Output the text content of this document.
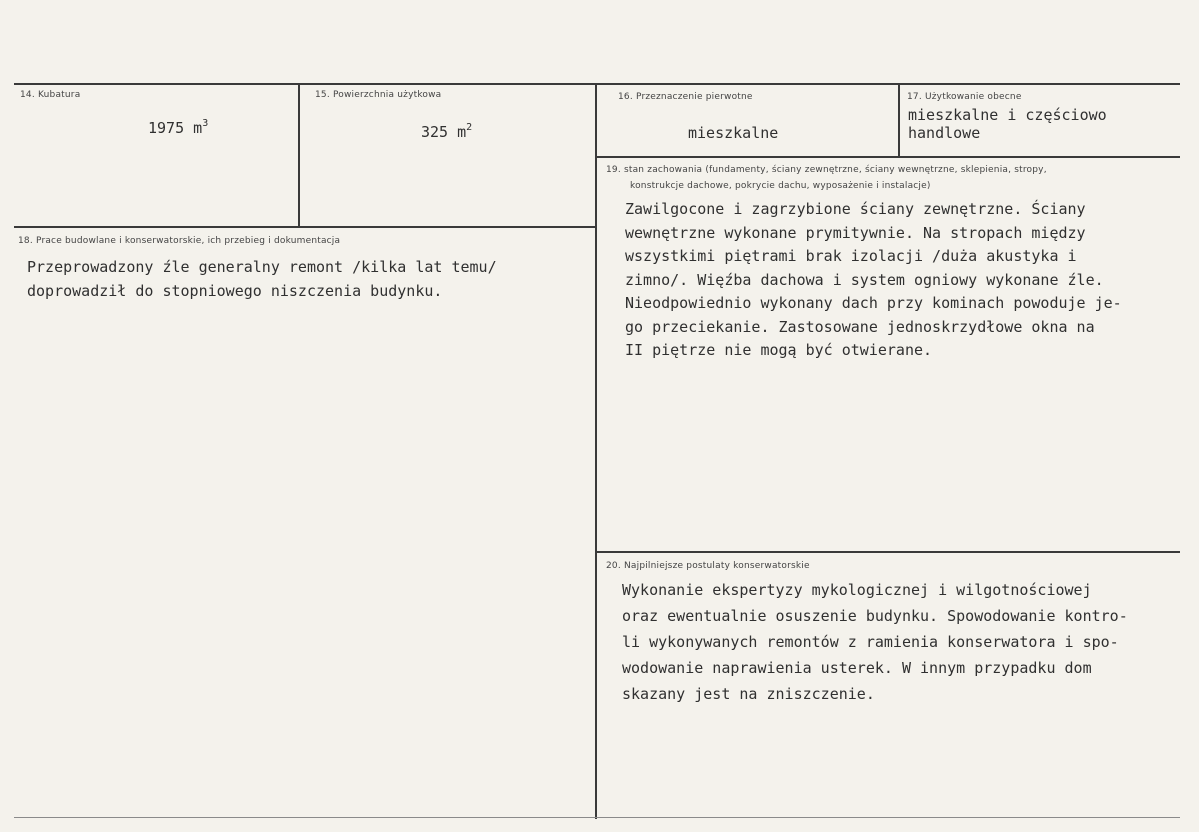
14. Kubatura
1975 $m^3$
15. Powierzchnia użytkowa
325 $m^2$
16. Przeznaczenie pierwotne
mieszkalne
17. Użytkowanie obecne
mieszkalne i częściowo
handlowe
18. Prace budowlane i konserwatorskie, ich przebieg i dokumentacja
Przeprowadzony źle generalny remont /kilka lat temu/
doprowadził do stopniowego niszczenia budynku.
19. stan zachowania (fundamenty, ściany zewnętrzne, ściany wewnętrzne, sklepienia, stropy,
konstrukcje dachowe, pokrycie dachu, wyposażenie i instalacje)
Zawilgocone i zagrzybione ściany zewnętrzne. Ściany
wewnętrzne wykonane prymitywnie. Na stropach między
wszystkimi piętrami brak izolacji /duża akustyka i
zimno/. Więźba dachowa i system ogniowy wykonane źle.
Nieodpowiednio wykonany dach przy kominach powoduje je-
go przeciekanie. Zastosowane jednoskrzydłowe okna na
II piętrze nie mogą być otwierane.
20. Najpilniejsze postulaty konserwatorskie
Wykonanie ekspertyzy mykologicznej i wilgotnościowej
oraz ewentualnie osuszenie budynku. Spowodowanie kontro-
li wykonywanych remontów z ramienia konserwatora i spo-
wodowanie naprawienia usterek. W innym przypadku dom
skazany jest na zniszczenie.
